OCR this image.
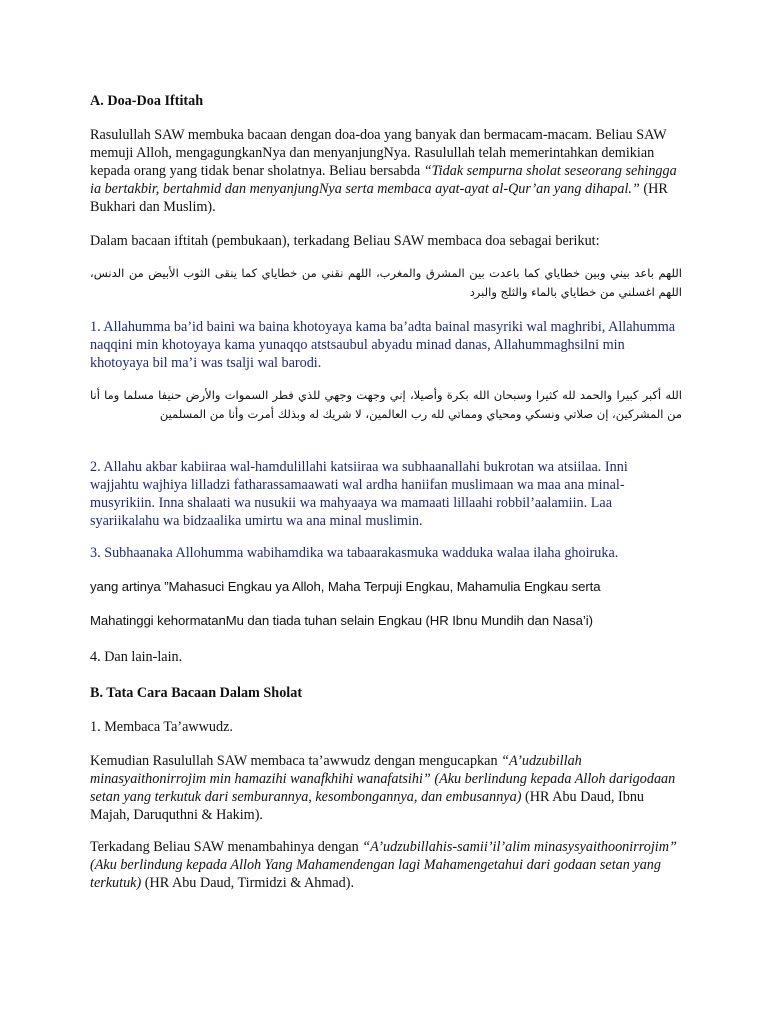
A. Doa-Doa Iftitah
Rasulullah SAW membuka bacaan dengan doa-doa yang banyak dan bermacam-macam. Beliau SAW memuji Alloh, mengagungkanNya dan menyanjungNya. Rasulullah telah memerintahkan demikian kepada orang yang tidak benar sholatnya. Beliau bersabda “Tidak sempurna sholat seseorang sehingga ia bertakbir, bertahmid dan menyanjungNya serta membaca ayat-ayat al-Qur’an yang dihapal.” (HR Bukhari dan Muslim).
Dalam bacaan iftitah (pembukaan), terkadang Beliau SAW membaca doa sebagai berikut:
اللهم باعد بيني وبين خطاياي كما باعدت بين المشرق والمغرب، اللهم نقني من خطاياي كما ينقى الثوب الأبيض من الدنس، اللهم اغسلني من خطاياي بالماء والثلج والبرد
1. Allahumma ba’id baini wa baina khotoyaya kama ba’adta bainal masyriki wal maghribi, Allahumma naqqini min khotoyaya kama yunaqqo atstsaubul abyadu minad danas, Allahummaghsilni min khotoyaya bil ma’i was tsalji wal barodi.
الله أكبر كبيرا والحمد لله كثيرا وسبحان الله بكرة وأصيلا، إني وجهت وجهي للذي فطر السموات والأرض حنيفا مسلما وما أنا من المشركين، إن صلاتي ونسكي ومحياي ومماتي لله رب العالمين، لا شريك له وبذلك أمرت وأنا من المسلمين
2. Allahu akbar kabiiraa wal-hamdulillahi katsiiraa wa subhaanallahi bukrotan wa atsiilaa. Inni wajjahtu wajhiya lilladzi fatharassamaawati wal ardha haniifan muslimaan wa maa ana minal-musyrikiin. Inna shalaati wa nusukii wa mahyaaya wa mamaati lillaahi robbil’aalamiin. Laa syariikalahu wa bidzaalika umirtu wa ana minal muslimin.
3. Subhaanaka Allohumma wabihamdika wa tabaarakasmuka wadduka walaa ilaha ghoiruka.
yang artinya ”Mahasuci Engkau ya Alloh, Maha Terpuji Engkau, Mahamulia Engkau serta
Mahatinggi kehormatanMu dan tiada tuhan selain Engkau (HR Ibnu Mundih dan Nasa’i)
4. Dan lain-lain.
B. Tata Cara Bacaan Dalam Sholat
1. Membaca Ta’awwudz.
Kemudian Rasulullah SAW membaca ta’awwudz dengan mengucapkan “A’udzubillah minasyaithonirrojim min hamazihi wanafkhihi wanafatsihi” (Aku berlindung kepada Alloh darigodaan setan yang terkutuk dari semburannya, kesombongannya, dan embusannya) (HR Abu Daud, Ibnu Majah, Daruquthni & Hakim).
Terkadang Beliau SAW menambahinya dengan “A’udzubillahis-samii’il’alim minasysyaithoonirrojim” (Aku berlindung kepada Alloh Yang Mahamendengan lagi Mahamengetahui dari godaan setan yang terkutuk) (HR Abu Daud, Tirmidzi & Ahmad).
